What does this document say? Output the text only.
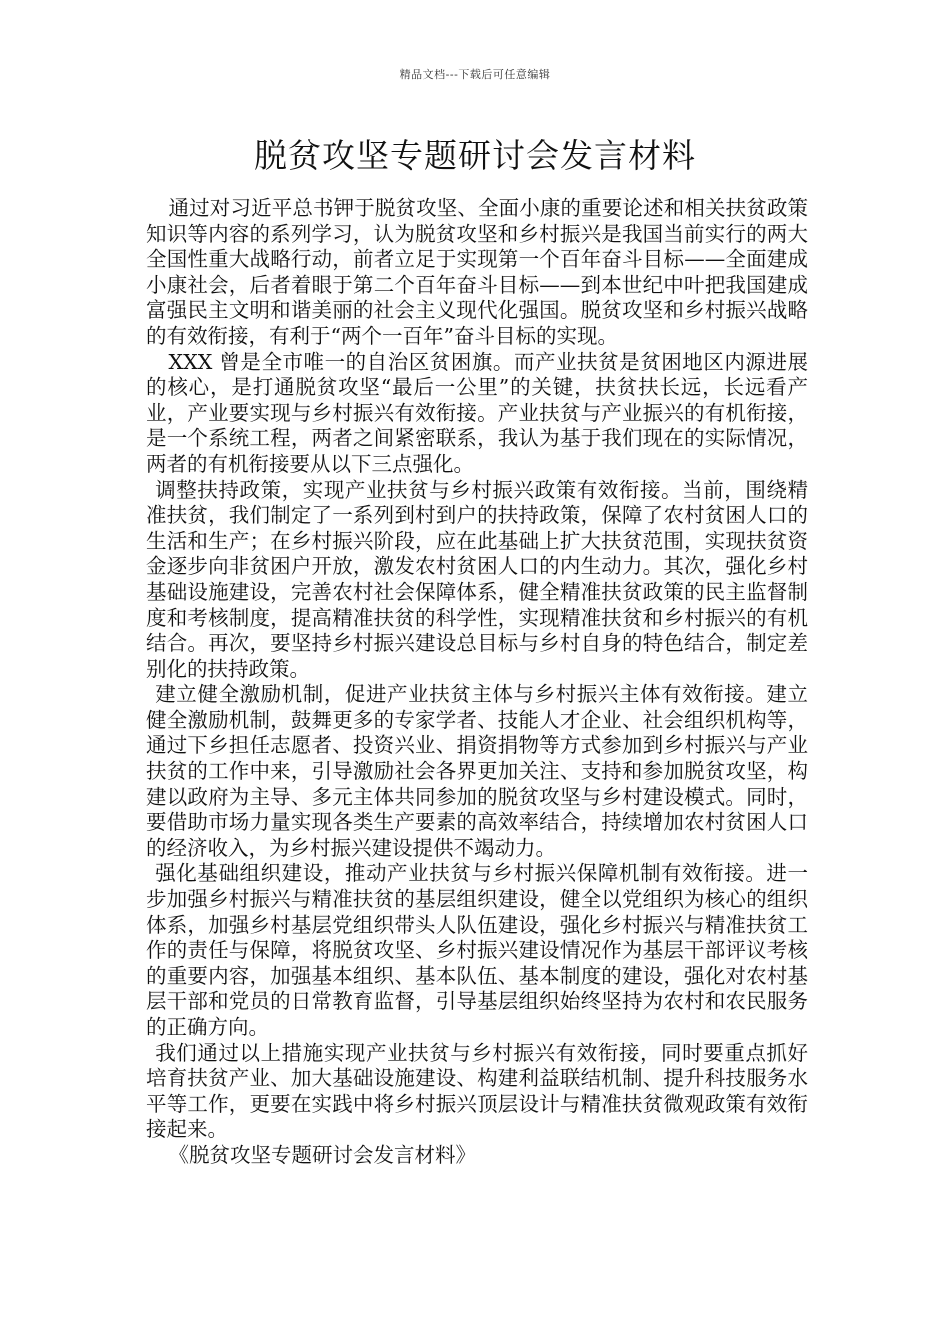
精品文档---下载后可任意编辑
脱贫攻坚专题研讨会发言材料

通过对习近平总书钾于脱贫攻坚、全面小康的重要论述和相关扶贫政策知识等内容的系列学习，认为脱贫攻坚和乡村振兴是我国当前实行的两大全国性重大战略行动，前者立足于实现第一个百年奋斗目标——全面建成小康社会，后者着眼于第二个百年奋斗目标——到本世纪中叶把我国建成富强民主文明和谐美丽的社会主义现代化强国。脱贫攻坚和乡村振兴战略的有效衔接，有利于“两个一百年”奋斗目标的实现。

XXX 曾是全市唯一的自治区贫困旗。而产业扶贫是贫困地区内源进展的核心，是打通脱贫攻坚“最后一公里”的关键，扶贫扶长远，长远看产业，产业要实现与乡村振兴有效衔接。产业扶贫与产业振兴的有机衔接，是一个系统工程，两者之间紧密联系，我认为基于我们现在的实际情况，两者的有机衔接要从以下三点强化。

调整扶持政策，实现产业扶贫与乡村振兴政策有效衔接。当前，围绕精准扶贫，我们制定了一系列到村到户的扶持政策，保障了农村贫困人口的生活和生产；在乡村振兴阶段，应在此基础上扩大扶贫范围，实现扶贫资金逐步向非贫困户开放，激发农村贫困人口的内生动力。其次，强化乡村基础设施建设，完善农村社会保障体系，健全精准扶贫政策的民主监督制度和考核制度，提高精准扶贫的科学性，实现精准扶贫和乡村振兴的有机结合。再次，要坚持乡村振兴建设总目标与乡村自身的特色结合，制定差别化的扶持政策。

建立健全激励机制，促进产业扶贫主体与乡村振兴主体有效衔接。建立健全激励机制，鼓舞更多的专家学者、技能人才企业、社会组织机构等，通过下乡担任志愿者、投资兴业、捐资捐物等方式参加到乡村振兴与产业扶贫的工作中来，引导激励社会各界更加关注、支持和参加脱贫攻坚，构建以政府为主导、多元主体共同参加的脱贫攻坚与乡村建设模式。同时，要借助市场力量实现各类生产要素的高效率结合，持续增加农村贫困人口的经济收入，为乡村振兴建设提供不竭动力。

强化基础组织建设，推动产业扶贫与乡村振兴保障机制有效衔接。进一步加强乡村振兴与精准扶贫的基层组织建设，健全以党组织为核心的组织体系，加强乡村基层党组织带头人队伍建设，强化乡村振兴与精准扶贫工作的责任与保障，将脱贫攻坚、乡村振兴建设情况作为基层干部评议考核的重要内容，加强基本组织、基本队伍、基本制度的建设，强化对农村基层干部和党员的日常教育监督，引导基层组织始终坚持为农村和农民服务的正确方向。

我们通过以上措施实现产业扶贫与乡村振兴有效衔接，同时要重点抓好培育扶贫产业、加大基础设施建设、构建利益联结机制、提升科技服务水平等工作，更要在实践中将乡村振兴顶层设计与精准扶贫微观政策有效衔接起来。

《脱贫攻坚专题研讨会发言材料》
